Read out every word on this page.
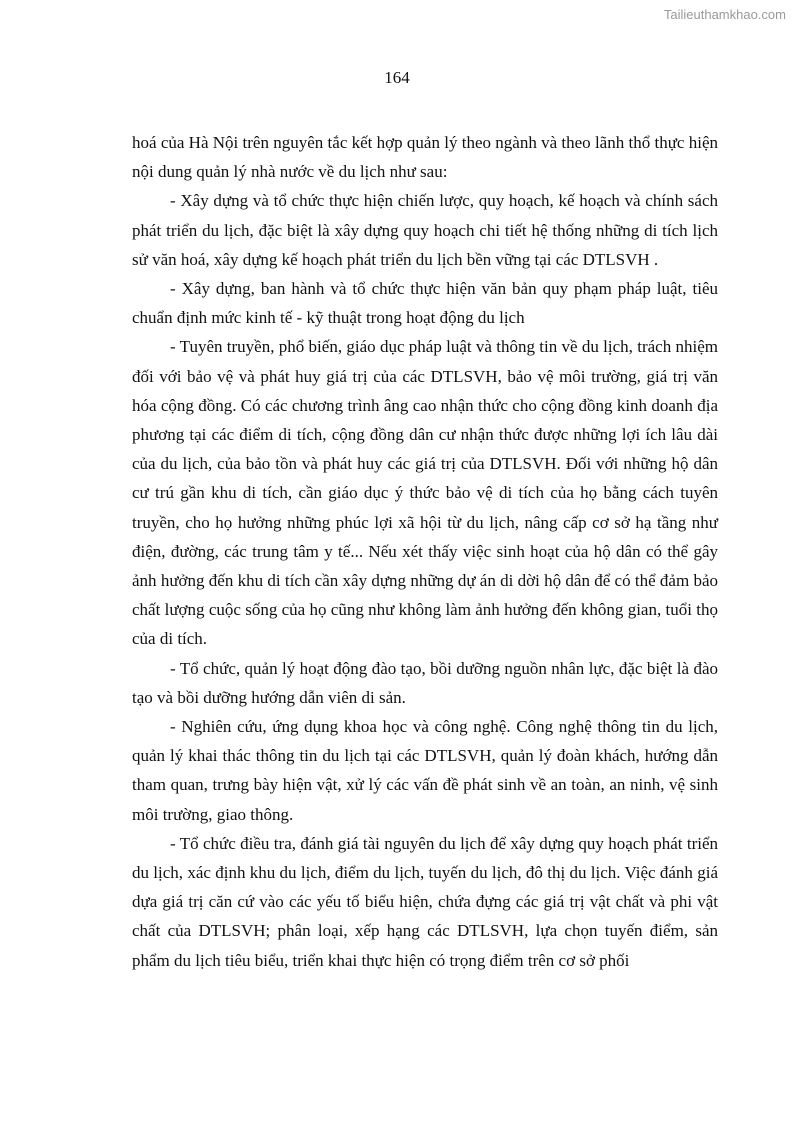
Tailieuthamkhao.com
164

hoá của Hà Nội trên nguyên tắc kết hợp quản lý theo ngành và theo lãnh thổ thực hiện nội dung quản lý nhà nước về du lịch như sau:

- Xây dựng và tổ chức thực hiện chiến lược, quy hoạch, kế hoạch và chính sách phát triển du lịch, đặc biệt là xây dựng quy hoạch chi tiết hệ thống những di tích lịch sử văn hoá, xây dựng kế hoạch phát triển du lịch bền vững tại các DTLSVH .

- Xây dựng, ban hành và tổ chức thực hiện văn bản quy phạm pháp luật, tiêu chuẩn định mức kinh tế - kỹ thuật trong hoạt động du lịch

- Tuyên truyền, phổ biến, giáo dục pháp luật và thông tin về du lịch, trách nhiệm đối với bảo vệ và phát huy giá trị của các DTLSVH, bảo vệ môi trường, giá trị văn hóa cộng đồng. Có các chương trình âng cao nhận thức cho cộng đồng kinh doanh địa phương tại các điểm di tích, cộng đồng dân cư nhận thức được những lợi ích lâu dài của du lịch, của bảo tồn và phát huy các giá trị của DTLSVH. Đối với những hộ dân cư trú gần khu di tích, cần giáo dục ý thức bảo vệ di tích của họ bằng cách tuyên truyền, cho họ hưởng những phúc lợi xã hội từ du lịch, nâng cấp cơ sở hạ tầng như điện, đường, các trung tâm y tế... Nếu xét thấy việc sinh hoạt của hộ dân có thể gây ảnh hưởng đến khu di tích cần xây dựng những dự án di dời hộ dân để có thể đảm bảo chất lượng cuộc sống của họ cũng như không làm ảnh hưởng đến không gian, tuổi thọ của di tích.

- Tổ chức, quản lý hoạt động đào tạo, bồi dưỡng nguồn nhân lực, đặc biệt là đào tạo và bồi dưỡng hướng dẫn viên di sản.

- Nghiên cứu, ứng dụng khoa học và công nghệ. Công nghệ thông tin du lịch, quản lý khai thác thông tin du lịch tại các DTLSVH, quản lý đoàn khách, hướng dẫn tham quan, trưng bày hiện vật, xử lý các vấn đề phát sinh về an toàn, an ninh, vệ sinh môi trường, giao thông.

- Tổ chức điều tra, đánh giá tài nguyên du lịch để xây dựng quy hoạch phát triển du lịch, xác định khu du lịch, điểm du lịch, tuyến du lịch, đô thị du lịch. Việc đánh giá dựa giá trị căn cứ vào các yếu tố biểu hiện, chứa đựng các giá trị vật chất và phi vật chất của DTLSVH; phân loại, xếp hạng các DTLSVH, lựa chọn tuyến điểm, sản phẩm du lịch tiêu biểu, triển khai thực hiện có trọng điểm trên cơ sở phối
